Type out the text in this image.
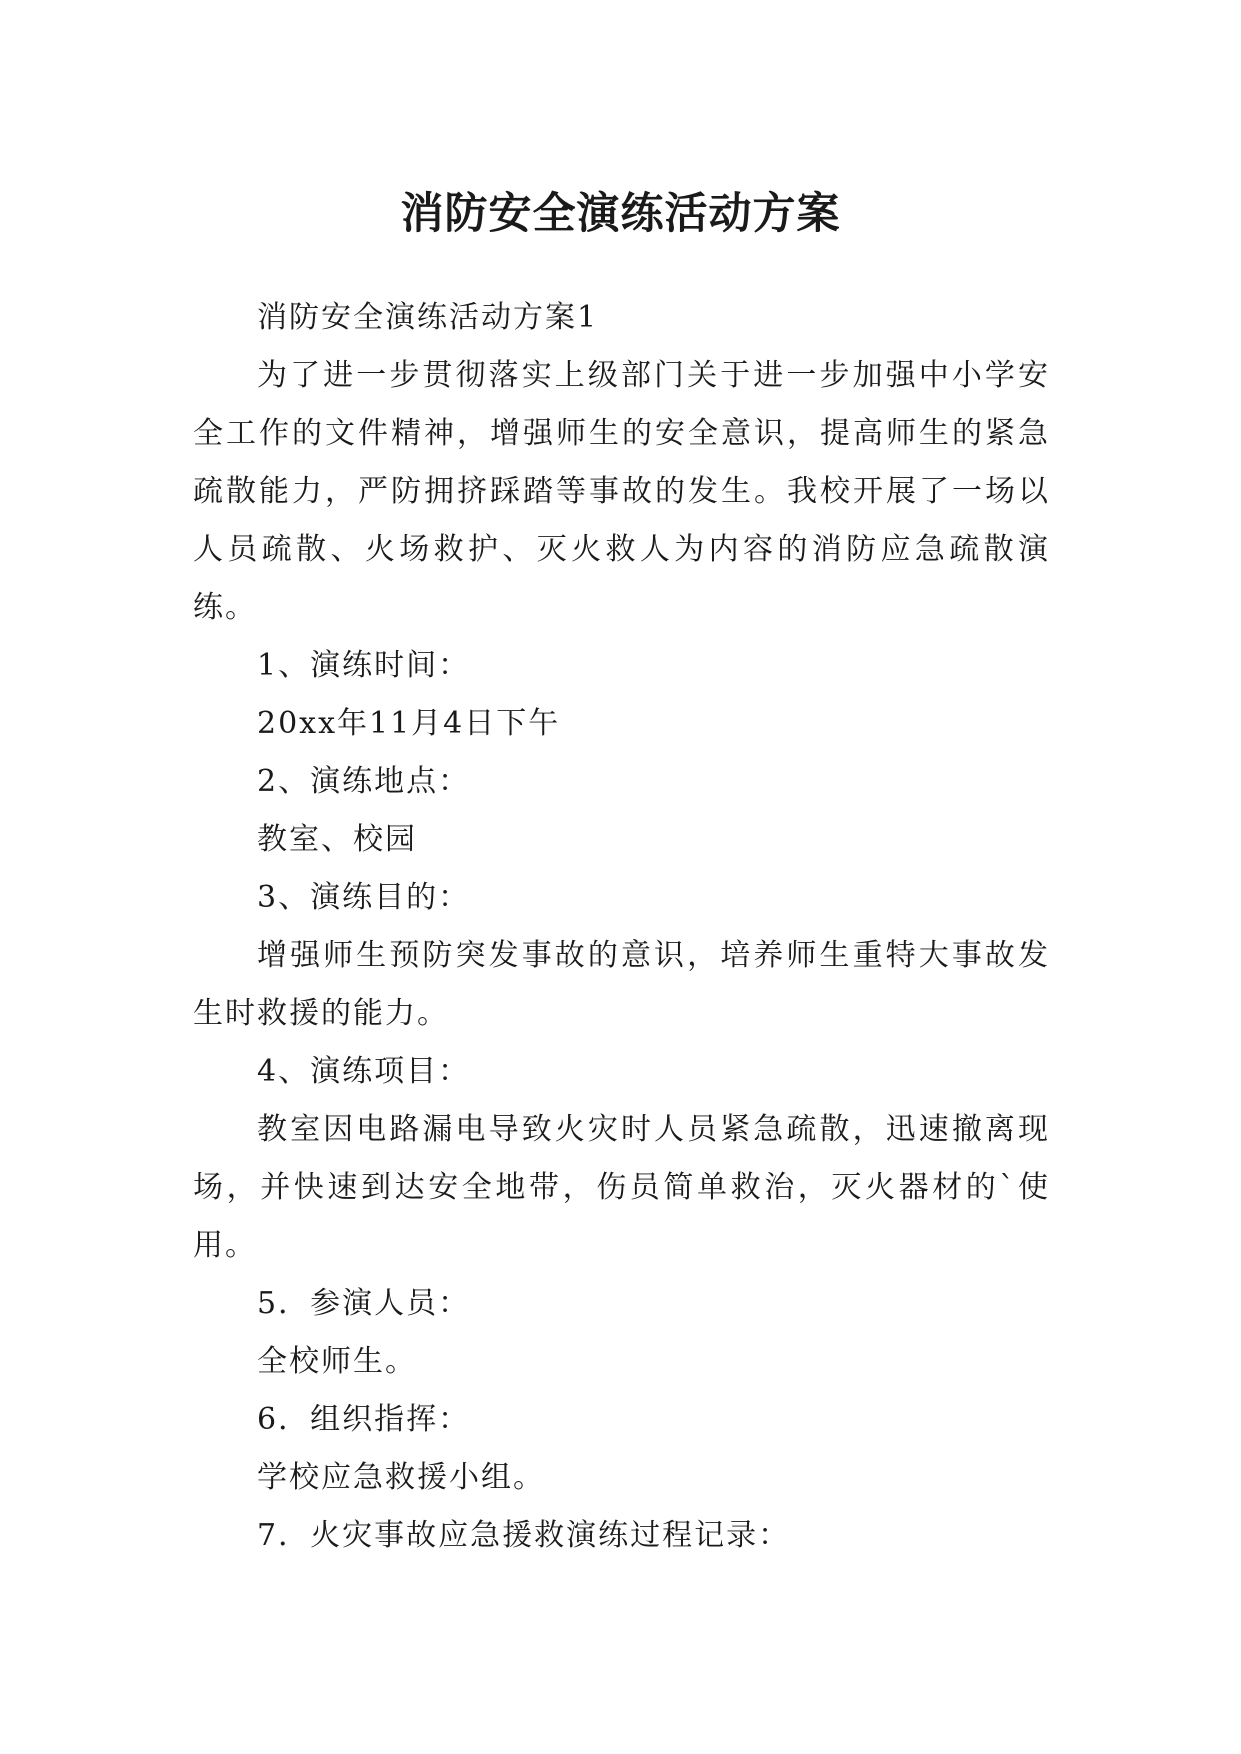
消防安全演练活动方案

消防安全演练活动方案1

为了进一步贯彻落实上级部门关于进一步加强中小学安全工作的文件精神，增强师生的安全意识，提高师生的紧急疏散能力，严防拥挤踩踏等事故的发生。我校开展了一场以人员疏散、火场救护、灭火救人为内容的消防应急疏散演练。

1、演练时间：

20xx年11月4日下午

2、演练地点：

教室、校园

3、演练目的：

增强师生预防突发事故的意识，培养师生重特大事故发生时救援的能力。

4、演练项目：

教室因电路漏电导致火灾时人员紧急疏散，迅速撤离现场，并快速到达安全地带，伤员简单救治，灭火器材的`使用。

5．参演人员：

全校师生。

6．组织指挥：

学校应急救援小组。

7．火灾事故应急援救演练过程记录：
